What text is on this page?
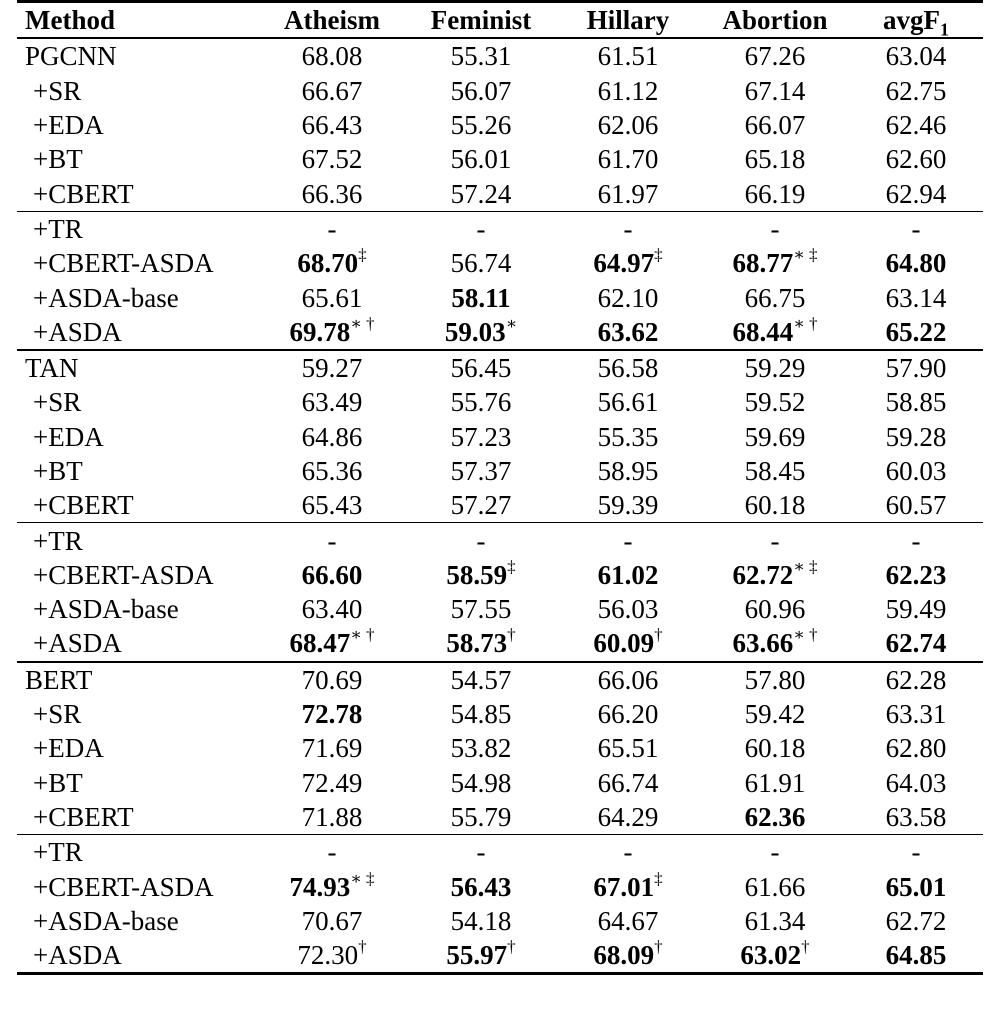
Method	Atheism	Feminist	Hillary	Abortion	avgF$_1$
PGCNN	68.08	55.31	61.51	67.26	63.04
+SR	66.67	56.07	61.12	67.14	62.75
+EDA	66.43	55.26	62.06	66.07	62.46
+BT	67.52	56.01	61.70	65.18	62.60
+CBERT	66.36	57.24	61.97	66.19	62.94
+TR	-	-	-	-	-
+CBERT-ASDA	68.70‡	56.74	64.97‡	68.77∗ ‡	64.80
+ASDA-base	65.61	58.11	62.10	66.75	63.14
+ASDA	69.78∗ †	59.03∗	63.62	68.44∗ †	65.22
TAN	59.27	56.45	56.58	59.29	57.90
+SR	63.49	55.76	56.61	59.52	58.85
+EDA	64.86	57.23	55.35	59.69	59.28
+BT	65.36	57.37	58.95	58.45	60.03
+CBERT	65.43	57.27	59.39	60.18	60.57
+TR	-	-	-	-	-
+CBERT-ASDA	66.60	58.59‡	61.02	62.72∗ ‡	62.23
+ASDA-base	63.40	57.55	56.03	60.96	59.49
+ASDA	68.47∗ †	58.73†	60.09†	63.66∗ †	62.74
BERT	70.69	54.57	66.06	57.80	62.28
+SR	72.78	54.85	66.20	59.42	63.31
+EDA	71.69	53.82	65.51	60.18	62.80
+BT	72.49	54.98	66.74	61.91	64.03
+CBERT	71.88	55.79	64.29	62.36	63.58
+TR	-	-	-	-	-
+CBERT-ASDA	74.93∗ ‡	56.43	67.01‡	61.66	65.01
+ASDA-base	70.67	54.18	64.67	61.34	62.72
+ASDA	72.30†	55.97†	68.09†	63.02†	64.85
